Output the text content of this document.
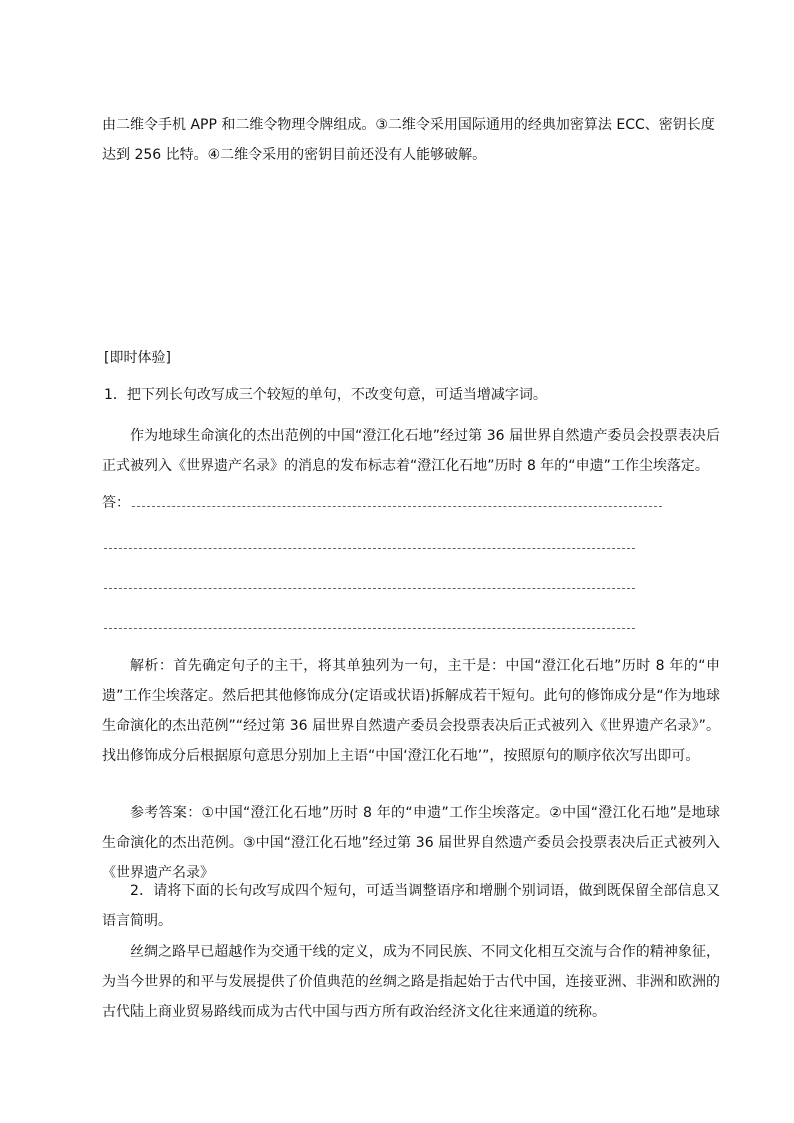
由二维令手机 APP 和二维令物理令牌组成。③二维令采用国际通用的经典加密算法 ECC、密钥长度达到 256 比特。④二维令采用的密钥目前还没有人能够破解。

[即时体验]

1．把下列长句改写成三个较短的单句，不改变句意，可适当增减字词。

作为地球生命演化的杰出范例的中国“澄江化石地”经过第 36 届世界自然遗产委员会投票表决后正式被列入《世界遗产名录》的消息的发布标志着“澄江化石地”历时 8 年的“申遗”工作尘埃落定。

答：

解析：首先确定句子的主干，将其单独列为一句，主干是：中国“澄江化石地”历时 8 年的“申遗”工作尘埃落定。然后把其他修饰成分(定语或状语)拆解成若干短句。此句的修饰成分是“作为地球生命演化的杰出范例”“经过第 36 届世界自然遗产委员会投票表决后正式被列入《世界遗产名录》”。找出修饰成分后根据原句意思分别加上主语“中国‘澄江化石地’”，按照原句的顺序依次写出即可。

参考答案：①中国“澄江化石地”历时 8 年的“申遗”工作尘埃落定。②中国“澄江化石地”是地球生命演化的杰出范例。③中国“澄江化石地”经过第 36 届世界自然遗产委员会投票表决后正式被列入《世界遗产名录》

2．请将下面的长句改写成四个短句，可适当调整语序和增删个别词语，做到既保留全部信息又语言简明。

丝绸之路早已超越作为交通干线的定义，成为不同民族、不同文化相互交流与合作的精神象征，为当今世界的和平与发展提供了价值典范的丝绸之路是指起始于古代中国，连接亚洲、非洲和欧洲的古代陆上商业贸易路线而成为古代中国与西方所有政治经济文化往来通道的统称。
